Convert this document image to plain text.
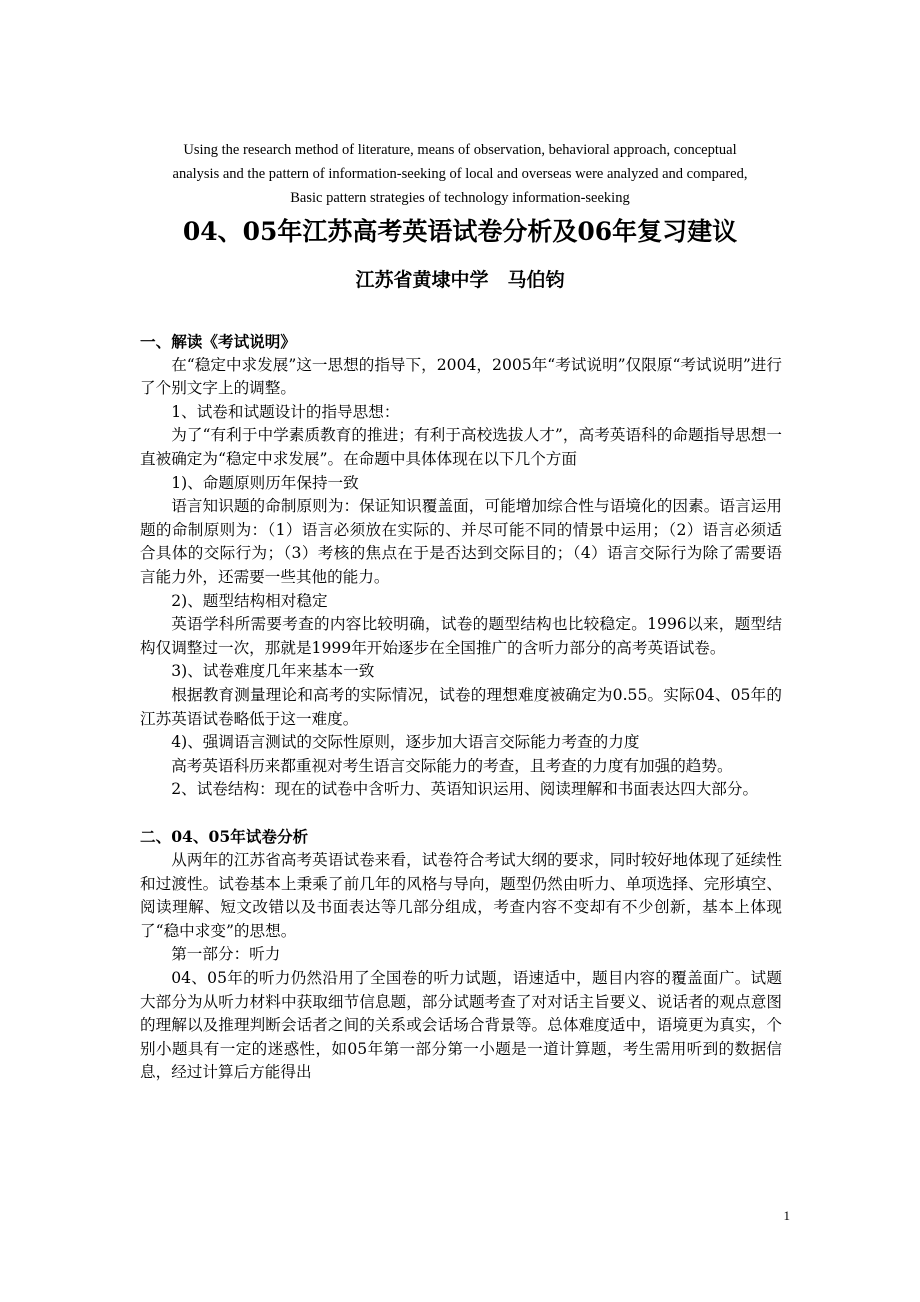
Using the research method of literature, means of observation, behavioral approach, conceptual
analysis and the pattern of information-seeking of local and overseas were analyzed and compared,
Basic pattern strategies of technology information-seeking
04、05年江苏高考英语试卷分析及06年复习建议
江苏省黄埭中学　马伯钧

一、解读《考试说明》

在“稳定中求发展”这一思想的指导下，2004，2005年“考试说明”仅限原“考试说明”进行了个别文字上的调整。

1、试卷和试题设计的指导思想：

为了“有利于中学素质教育的推进；有利于高校选拔人才”，高考英语科的命题指导思想一直被确定为“稳定中求发展”。在命题中具体体现在以下几个方面

1)、命题原则历年保持一致

语言知识题的命制原则为：保证知识覆盖面，可能增加综合性与语境化的因素。语言运用题的命制原则为：（1）语言必须放在实际的、并尽可能不同的情景中运用；（2）语言必须适合具体的交际行为；（3）考核的焦点在于是否达到交际目的；（4）语言交际行为除了需要语言能力外，还需要一些其他的能力。

2)、题型结构相对稳定

英语学科所需要考查的内容比较明确，试卷的题型结构也比较稳定。1996以来，题型结构仅调整过一次，那就是1999年开始逐步在全国推广的含听力部分的高考英语试卷。

3)、试卷难度几年来基本一致

根据教育测量理论和高考的实际情况，试卷的理想难度被确定为0.55。实际04、05年的江苏英语试卷略低于这一难度。

4)、强调语言测试的交际性原则，逐步加大语言交际能力考查的力度

高考英语科历来都重视对考生语言交际能力的考查，且考查的力度有加强的趋势。

2、试卷结构：现在的试卷中含听力、英语知识运用、阅读理解和书面表达四大部分。

二、04、05年试卷分析

从两年的江苏省高考英语试卷来看，试卷符合考试大纲的要求，同时较好地体现了延续性和过渡性。试卷基本上秉乘了前几年的风格与导向，题型仍然由听力、单项选择、完形填空、阅读理解、短文改错以及书面表达等几部分组成，考查内容不变却有不少创新，基本上体现了“稳中求变”的思想。

第一部分：听力

04、05年的听力仍然沿用了全国卷的听力试题，语速适中，题目内容的覆盖面广。试题大部分为从听力材料中获取细节信息题，部分试题考查了对对话主旨要义、说话者的观点意图的理解以及推理判断会话者之间的关系或会话场合背景等。总体难度适中，语境更为真实，个别小题具有一定的迷惑性，如05年第一部分第一小题是一道计算题，考生需用听到的数据信息，经过计算后方能得出

1
